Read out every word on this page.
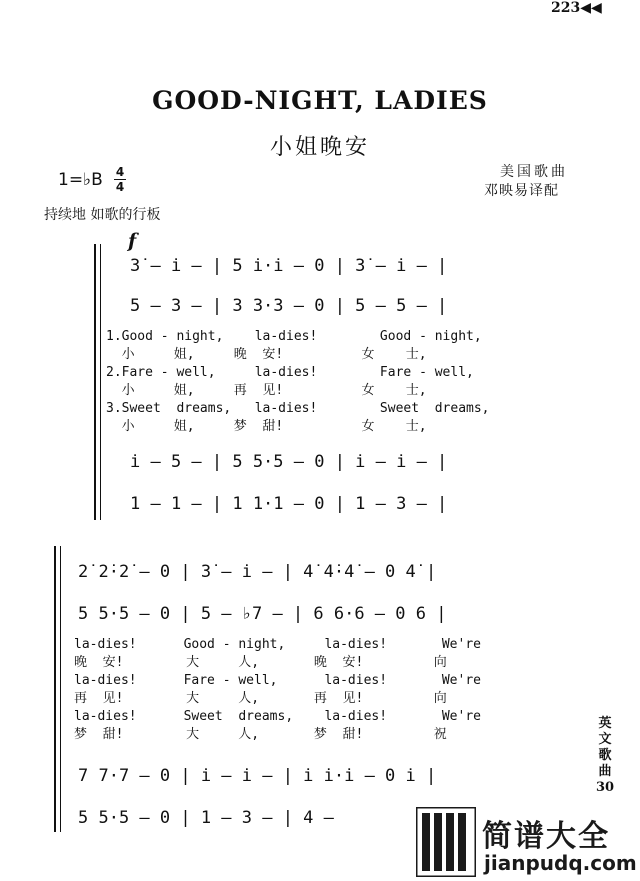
223◀◀
GOOD-NIGHT, LADIES
小姐晚安
1=♭B 4
4
美国歌曲
邓映易译配
持续地 如歌的行板
f
3̇ – i̇ – | 5 i̇·i̇ – 0 | 3̇ – i̇ – |
5 – 3 – | 3 3·3 – 0 | 5 – 5 – |
1.Good - night,    la-dies!        Good - night,
小     姐,     晚  安!          女    士,
2.Fare - well,     la-dies!        Fare - well,
小     姐,     再  见!          女    士,
3.Sweet  dreams,   la-dies!        Sweet  dreams,
小     姐,     梦  甜!          女    士,
i̇ – 5 – | 5 5·5 – 0 | i̇ – i̇ – |
1 – 1 – | 1 1·1 – 0 | 1 – 3 – |
2̇ 2̇·2̇ – 0 | 3̇ – i̇ – | 4̇ 4̇·4̇ – 0 4̇ |
5 5·5 – 0 | 5 – ♭7 – | 6 6·6 – 0 6 |
la-dies!      Good - night,     la-dies!       We're
晚  安!        大     人,       晚  安!         向
la-dies!      Fare - well,      la-dies!       We're
再  见!        大     人,       再  见!         向
la-dies!      Sweet  dreams,    la-dies!       We're
梦  甜!        大     人,       梦  甜!         祝
7 7·7 – 0 | i̇ – i̇ – | i̇ i̇·i̇ – 0 i̇ |
5 5·5 – 0 | 1 – 3 – | 4 –
英文歌曲30
简谱大全
jianpudq.com
